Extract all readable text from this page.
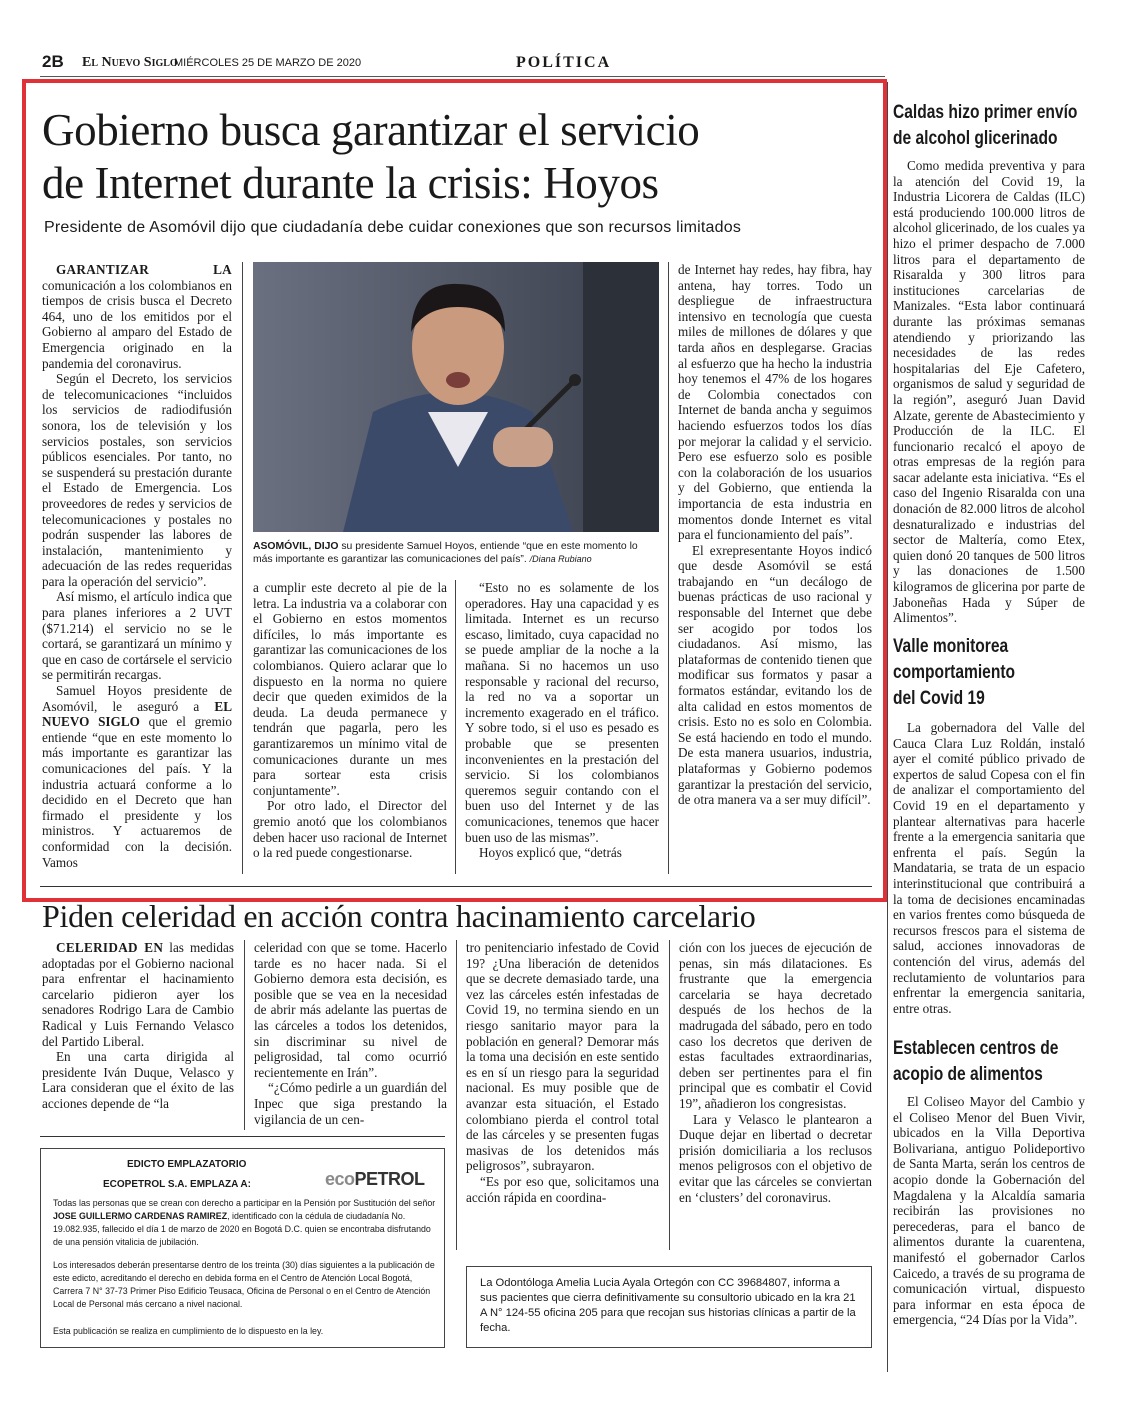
2B El Nuevo Siglo
MIÉRCOLES 25 DE MARZO DE 2020	POLÍTICA
Gobierno busca garantizar el servicio
de Internet durante la crisis: Hoyos
Presidente de Asomóvil dijo que ciudadanía debe cuidar conexiones que son recursos limitados

GARANTIZAR LA comunicación a los colombianos en tiempos de crisis busca el Decreto 464, uno de los emitidos por el Gobierno al amparo del Estado de Emergencia originado en la pandemia del coronavirus.

Según el Decreto, los servicios de telecomunicaciones “incluidos los servicios de radiodifusión sonora, los de televisión y los servicios postales, son servicios públicos esenciales. Por tanto, no se suspenderá su prestación durante el Estado de Emergencia. Los proveedores de redes y servicios de telecomunicaciones y postales no podrán suspender las labores de instalación, mantenimiento y adecuación de las redes requeridas para la operación del servicio”.

Así mismo, el artículo indica que para planes inferiores a 2 UVT ($71.214) el servicio no se le cortará, se garantizará un mínimo y que en caso de cortársele el servicio se permitirán recargas.

Samuel Hoyos presidente de Asomóvil, le aseguró a EL NUEVO SIGLO que el gremio entiende “que en este momento lo más importante es garantizar las comunicaciones del país. Y la industria actuará conforme a lo decidido en el Decreto que han firmado el presidente y los ministros. Y actuaremos de conformidad con la decisión. Vamos

ASOMÓVIL, DIJO su presidente Samuel Hoyos, entiende “que en este momento lo más importante es garantizar las comunicaciones del país”. /Diana Rubiano

a cumplir este decreto al pie de la letra. La industria va a colaborar con el Gobierno en estos momentos difíciles, lo más importante es garantizar las comunicaciones de los colombianos. Quiero aclarar que lo dispuesto en la norma no quiere decir que queden eximidos de la deuda. La deuda permanece y tendrán que pagarla, pero les garantizaremos un mínimo vital de comunicaciones durante un mes para sortear esta crisis conjuntamente”.

Por otro lado, el Director del gremio anotó que los colombianos deben hacer uso racional de Internet o la red puede congestionarse.

“Esto no es solamente de los operadores. Hay una capacidad y es limitada. Internet es un recurso escaso, limitado, cuya capacidad no se puede ampliar de la noche a la mañana. Si no hacemos un uso responsable y racional del recurso, la red no va a soportar un incremento exagerado en el tráfico. Y sobre todo, si el uso es pesado es probable que se presenten inconvenientes en la prestación del servicio. Si los colombianos queremos seguir contando con el buen uso del Internet y de las comunicaciones, tenemos que hacer buen uso de las mismas”.

Hoyos explicó que, “detrás

de Internet hay redes, hay fibra, hay antena, hay torres. Todo un despliegue de infraestructura intensivo en tecnología que cuesta miles de millones de dólares y que tarda años en desplegarse. Gracias al esfuerzo que ha hecho la industria hoy tenemos el 47% de los hogares de Colombia conectados con Internet de banda ancha y seguimos haciendo esfuerzos todos los días por mejorar la calidad y el servicio. Pero ese esfuerzo solo es posible con la colaboración de los usuarios y del Gobierno, que entienda la importancia de esta industria en momentos donde Internet es vital para el funcionamiento del país”.

El exrepresentante Hoyos indicó que desde Asomóvil se está trabajando en “un decálogo de buenas prácticas de uso racional y responsable del Internet que debe ser acogido por todos los ciudadanos. Así mismo, las plataformas de contenido tienen que modificar sus formatos y pasar a formatos estándar, evitando los de alta calidad en estos momentos de crisis. Esto no es solo en Colombia. Se está haciendo en todo el mundo. De esta manera usuarios, industria, plataformas y Gobierno podemos garantizar la prestación del servicio, de otra manera va a ser muy difícil”.

Piden celeridad en acción contra hacinamiento carcelario

CELERIDAD EN las medidas adoptadas por el Gobierno nacional para enfrentar el hacinamiento carcelario pidieron ayer los senadores Rodrigo Lara de Cambio Radical y Luis Fernando Velasco del Partido Liberal.

En una carta dirigida al presidente Iván Duque, Velasco y Lara consideran que el éxito de las acciones depende de “la

celeridad con que se tome. Hacerlo tarde es no hacer nada. Si el Gobierno demora esta decisión, es posible que se vea en la necesidad de abrir más adelante las puertas de las cárceles a todos los detenidos, sin discriminar su nivel de peligrosidad, tal como ocurrió recientemente en Irán”.

“¿Cómo pedirle a un guardián del Inpec que siga prestando la vigilancia de un cen-

tro penitenciario infestado de Covid 19? ¿Una liberación de detenidos que se decrete demasiado tarde, una vez las cárceles estén infestadas de Covid 19, no termina siendo en un riesgo sanitario mayor para la población en general? Demorar más la toma una decisión en este sentido es en sí un riesgo para la seguridad nacional. Es muy posible que de avanzar esta situación, el Estado colombiano pierda el control total de las cárceles y se presenten fugas masivas de los detenidos más peligrosos”, subrayaron.

“Es por eso que, solicitamos una acción rápida en coordina-

ción con los jueces de ejecución de penas, sin más dilataciones. Es frustrante que la emergencia carcelaria se haya decretado después de los hechos de la madrugada del sábado, pero en todo caso los decretos que deriven de estas facultades extraordinarias, deben ser pertinentes para el fin principal que es combatir el Covid 19”, añadieron los congresistas.

Lara y Velasco le plantearon a Duque dejar en libertad o decretar prisión domiciliaria a los reclusos menos peligrosos con el objetivo de evitar que las cárceles se conviertan en ‘clusters’ del coronavirus.

EDICTO EMPLAZATORIO
ECOPETROL S.A. EMPLAZA A:	ecoPETROL
Todas las personas que se crean con derecho a participar en la Pensión por Sustitución del señor JOSE GUILLERMO CARDENAS RAMIREZ, identificado con la cédula de ciudadanía No. 19.082.935, fallecido el día 1 de marzo de 2020 en Bogotá D.C. quien se encontraba disfrutando de una pensión vitalicia de jubilación.
Los interesados deberán presentarse dentro de los treinta (30) días siguientes a la publicación de este edicto, acreditando el derecho en debida forma en el Centro de Atención Local Bogotá, Carrera 7 N° 37-73 Primer Piso Edificio Teusaca, Oficina de Personal o en el Centro de Atención Local de Personal más cercano a nivel nacional.
Esta publicación se realiza en cumplimiento de lo dispuesto en la ley.
La Odontóloga Amelia Lucia Ayala Ortegón con CC 39684807, informa a sus pacientes que cierra definitivamente su consultorio ubicado en la kra 21 A N° 124-55 oficina 205 para que recojan sus historias clínicas a partir de la fecha.
Caldas hizo primer envío
de alcohol glicerinado

Como medida preventiva y para la atención del Covid 19, la Industria Licorera de Caldas (ILC) está produciendo 100.000 litros de alcohol glicerinado, de los cuales ya hizo el primer despacho de 7.000 litros para el departamento de Risaralda y 300 litros para instituciones carcelarias de Manizales. “Esta labor continuará durante las próximas semanas atendiendo y priorizando las necesidades de las redes hospitalarias del Eje Cafetero, organismos de salud y seguridad de la región”, aseguró Juan David Alzate, gerente de Abastecimiento y Producción de la ILC. El funcionario recalcó el apoyo de otras empresas de la región para sacar adelante esta iniciativa. “Es el caso del Ingenio Risaralda con una donación de 82.000 litros de alcohol desnaturalizado e industrias del sector de Maltería, como Etex, quien donó 20 tanques de 500 litros y las donaciones de 1.500 kilogramos de glicerina por parte de Jaboneñas Hada y Súper de Alimentos”.

Valle monitorea
comportamiento
del Covid 19

La gobernadora del Valle del Cauca Clara Luz Roldán, instaló ayer el comité público privado de expertos de salud Copesa con el fin de analizar el comportamiento del Covid 19 en el departamento y plantear alternativas para hacerle frente a la emergencia sanitaria que enfrenta el país. Según la Mandataria, se trata de un espacio interinstitucional que contribuirá a la toma de decisiones encaminadas en varios frentes como búsqueda de recursos frescos para el sistema de salud, acciones innovadoras de contención del virus, además del reclutamiento de voluntarios para enfrentar la emergencia sanitaria, entre otras.

Establecen centros de
acopio de alimentos

El Coliseo Mayor del Cambio y el Coliseo Menor del Buen Vivir, ubicados en la Villa Deportiva Bolivariana, antiguo Polideportivo de Santa Marta, serán los centros de acopio donde la Gobernación del Magdalena y la Alcaldía samaria recibirán las provisiones no perecederas, para el banco de alimentos durante la cuarentena, manifestó el gobernador Carlos Caicedo, a través de su programa de comunicación virtual, dispuesto para informar en esta época de emergencia, “24 Días por la Vida”.
